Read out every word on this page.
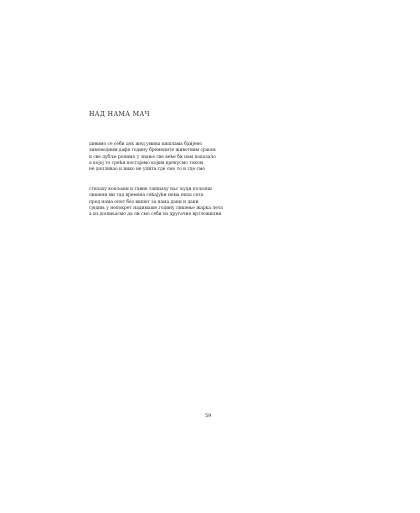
НАД НАМА МАЧ
дивимо се себи док жед умива кишлама бдијено
зимоводним дафе годину бремените живогним сјаком
и све дубље ронимо у знање све веће би нам показало
а којој то срећи постајемо којим кренусмо током
не допливао и нико не упита где смо то и где смо
стизаху копљани и тавне таншаху нас људи полазни
лишени ми тад времена сећајући нема низа сета
пред нама опет без вишег за нама дани и дани
сједињ у непокрет надимаше годину лишење жарка лета
а из допињасмо да ли смо себи из другачие вртложилни
59
